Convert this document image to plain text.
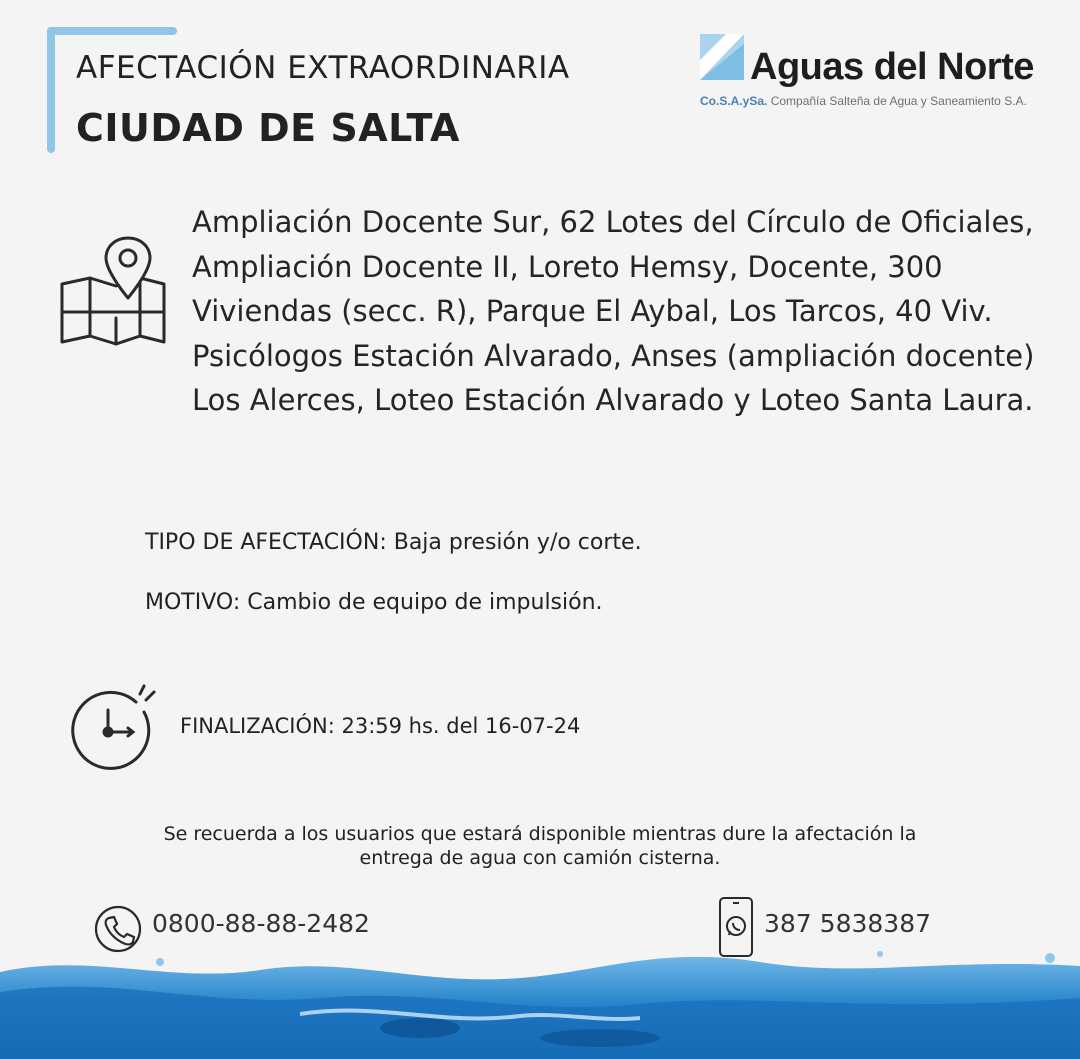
AFECTACIÓN EXTRAORDINARIA
CIUDAD DE SALTA
Aguas del Norte
Co.S.A.ySa. Compañía Salteña de Agua y Saneamiento S.A.
Ampliación Docente Sur, 62 Lotes del Círculo de Oficiales, Ampliación Docente II, Loreto Hemsy, Docente, 300 Viviendas (secc. R), Parque El Aybal, Los Tarcos, 40 Viv. Psicólogos Estación Alvarado, Anses (ampliación docente) Los Alerces, Loteo Estación Alvarado y Loteo Santa Laura.
TIPO DE AFECTACIÓN: Baja presión y/o corte.
MOTIVO: Cambio de equipo de impulsión.
FINALIZACIÓN: 23:59 hs. del 16-07-24
Se recuerda a los usuarios que estará disponible mientras dure la afectación la entrega de agua con camión cisterna.
0800-88-88-2482	387 5838387
